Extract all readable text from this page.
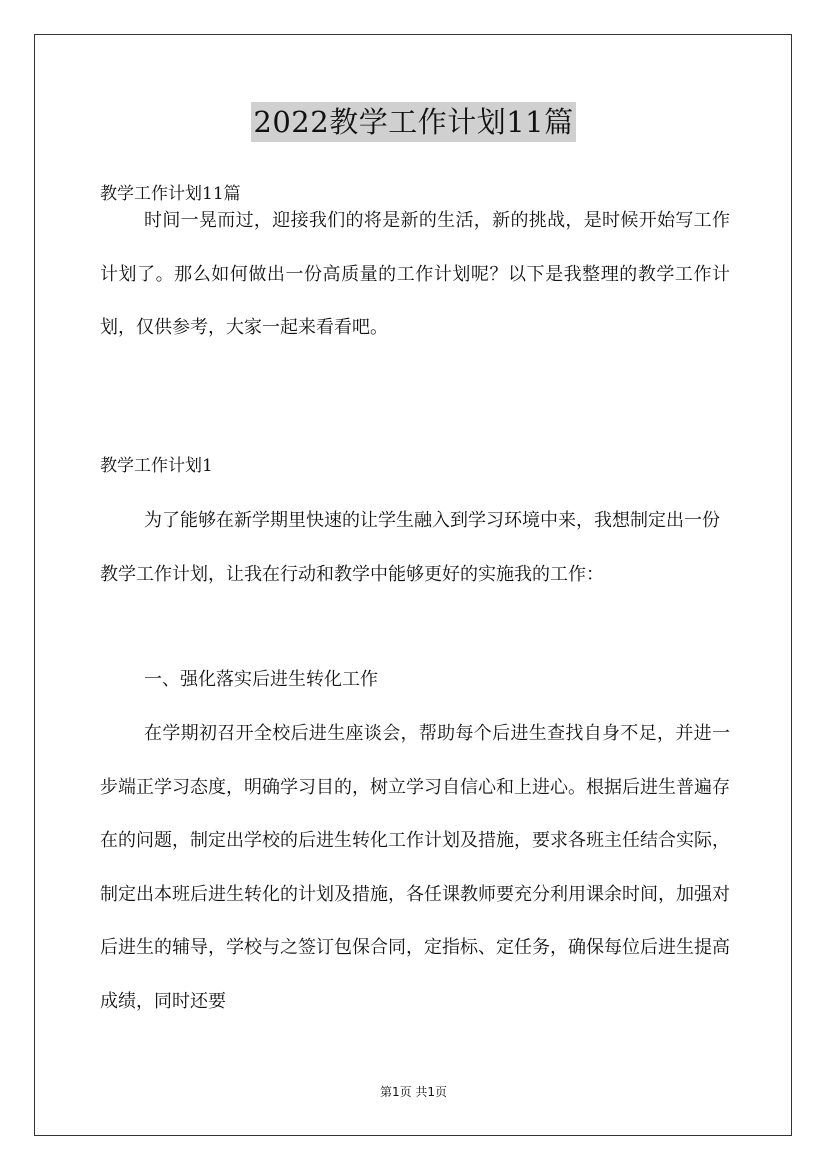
2022教学工作计划11篇
教学工作计划11篇

时间一晃而过，迎接我们的将是新的生活，新的挑战，是时候开始写工作计划了。那么如何做出一份高质量的工作计划呢？以下是我整理的教学工作计划，仅供参考，大家一起来看看吧。

教学工作计划1

为了能够在新学期里快速的让学生融入到学习环境中来，我想制定出一份教学工作计划，让我在行动和教学中能够更好的实施我的工作：

一、强化落实后进生转化工作

在学期初召开全校后进生座谈会，帮助每个后进生查找自身不足，并进一步端正学习态度，明确学习目的，树立学习自信心和上进心。根据后进生普遍存在的问题，制定出学校的后进生转化工作计划及措施，要求各班主任结合实际，制定出本班后进生转化的计划及措施，各任课教师要充分利用课余时间，加强对后进生的辅导，学校与之签订包保合同，定指标、定任务，确保每位后进生提高成绩，同时还要

第1页 共1页
